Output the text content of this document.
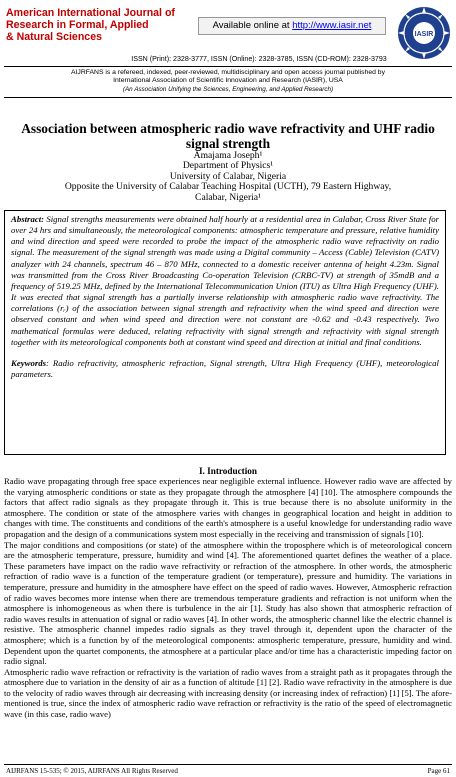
American International Journal of
Research in Formal, Applied
& Natural Sciences
Available online at http://www.iasir.net
IASIR
ISSN (Print): 2328-3777, ISSN (Online): 2328-3785, ISSN (CD-ROM): 2328-3793
AIJRFANS is a refereed, indexed, peer-reviewed, multidisciplinary and open access journal published by
International Association of Scientific Innovation and Research (IASIR), USA
(An Association Unifying the Sciences, Engineering, and Applied Research)
Association between atmospheric radio wave refractivity and UHF radio signal strength
Amajama Joseph¹
Department of Physics¹
University of Calabar, Nigeria
Opposite the University of Calabar Teaching Hospital (UCTH), 79 Eastern Highway,
Calabar, Nigeria¹

Abstract: Signal strengths measurements were obtained half hourly at a residential area in Calabar, Cross River State for over 24 hrs and simultaneously, the meteorological components: atmospheric temperature and pressure, relative humidity and wind direction and speed were recorded to probe the impact of the atmospheric radio wave refractivity on radio signal. The measurement of the signal strength was made using a Digital community – Access (Cable) Television (CATV) analyzer with 24 channels, spectrum 46 – 870 MHz, connected to a domestic receiver antenna of height 4.23m. Signal was transmitted from the Cross River Broadcasting Co-operation Television (CRBC-TV) at strength of 35mdB and a frequency of 519.25 MHz, defined by the International Telecommunication Union (ITU) as Ultra High Frequency (UHF). It was erected that signal strength has a partially inverse relationship with atmospheric radio wave refractivity. The correlations (rᵣ) of the association between signal strength and refractivity when the wind speed and direction were observed constant and when wind speed and direction were not constant are -0.62 and -0.43 respectively. Two mathematical formulas were deduced, relating refractivity with signal strength and refractivity with signal strength together with its meteorological components both at constant wind speed and direction at initial and final conditions.

Keywords: Radio refractivity, atmospheric refraction, Signal strength, Ultra High Frequency (UHF), meteorological parameters.

I. Introduction

Radio wave propagating through free space experiences near negligible external influence. However radio wave are affected by the varying atmospheric conditions or state as they propagate through the atmosphere [4] [10]. The atmosphere compounds the factors that affect radio signals as they propagate through it. This is true because there is no absolute uniformity in the atmosphere. The condition or state of the atmosphere varies with changes in geographical location and height in addition to changes with time. The constituents and conditions of the earth's atmosphere is a useful knowledge for understanding radio wave propagation and the design of a communications system most especially in the receiving and transmission of signals [10].

The major conditions and compositions (or state) of the atmosphere within the troposphere which is of meteorological concern are the atmospheric temperature, pressure, humidity and wind [4]. The aforementioned quartet defines the weather of a place. These parameters have impact on the radio wave refractivity or refraction of the atmosphere. In other words, the atmospheric refraction of radio wave is a function of the temperature gradient (or temperature), pressure and humidity. The variations in temperature, pressure and humidity in the atmosphere have effect on the speed of radio waves. However, Atmospheric refraction of radio waves becomes more intense when there are tremendous temperature gradients and refraction is not uniform when the atmosphere is inhomogeneous as when there is turbulence in the air [1]. Study has also shown that atmospheric refraction of radio waves results in attenuation of signal or radio waves [4]. In other words, the atmospheric channel like the electric channel is resistive. The atmospheric channel impedes radio signals as they travel through it, dependent upon the character of the atmosphere; which is a function by of the meteorological components: atmospheric temperature, pressure, humidity and wind. Dependent upon the quartet components, the atmosphere at a particular place and/or time has a characteristic impeding factor on radio signal.

Atmospheric radio wave refraction or refractivity is the variation of radio waves from a straight path as it propagates through the atmosphere due to variation in the density of air as a function of altitude [1] [2]. Radio wave refractivity in the atmosphere is due to the velocity of radio waves through air decreasing with increasing density (or increasing index of refraction) [1] [5]. The afore-mentioned is true, since the index of atmospheric radio wave refraction or refractivity is the ratio of the speed of electromagnetic wave (in this case, radio wave)

AIJRFANS 15-535; © 2015, AIJRFANS All Rights Reserved	Page 61
